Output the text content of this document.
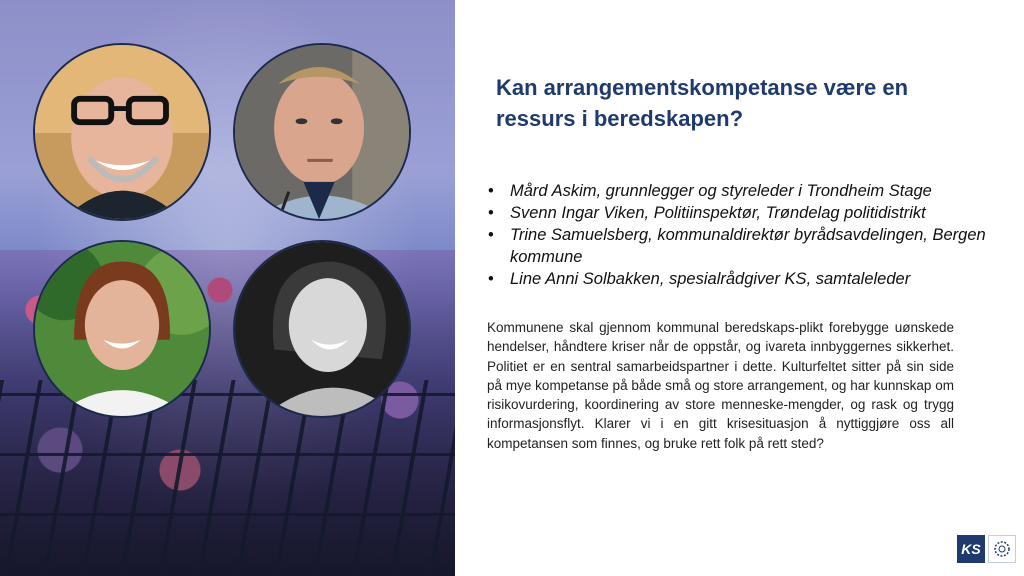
Kan arrangementskompetanse være en ressurs i beredskapen?
• Mård Askim, grunnlegger og styreleder i Trondheim Stage
• Svenn Ingar Viken, Politiinspektør, Trøndelag politidistrikt
• Trine Samuelsberg, kommunaldirektør byrådsavdelingen, Bergen kommune
• Line Anni Solbakken, spesialrådgiver KS, samtaleleder

Kommunene skal gjennom kommunal beredskaps-plikt forebygge uønskede hendelser, håndtere kriser når de oppstår, og ivareta innbyggernes sikkerhet. Politiet er en sentral samarbeidspartner i dette. Kulturfeltet sitter på sin side på mye kompetanse på både små og store arrangement, og har kunnskap om risikovurdering, koordinering av store menneske-mengder, og rask og trygg informasjonsflyt. Klarer vi i en gitt krisesituasjon å nyttiggjøre oss all kompetansen som finnes, og bruke rett folk på rett sted?

KS
